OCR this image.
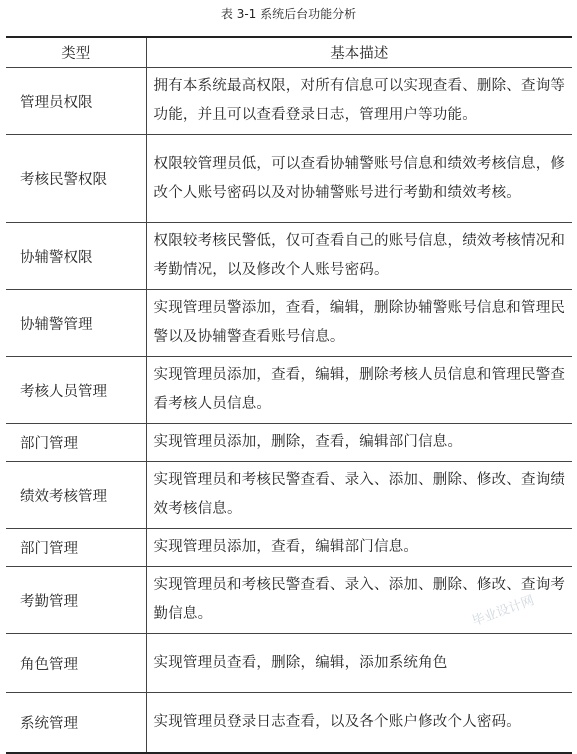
表 3-1 系统后台功能分析
类型	基本描述
管理员权限	拥有本系统最高权限，对所有信息可以实现查看、删除、查询等功能，并且可以查看登录日志，管理用户等功能。
考核民警权限	权限较管理员低，可以查看协辅警账号信息和绩效考核信息，修改个人账号密码以及对协辅警账号进行考勤和绩效考核。
协辅警权限	权限较考核民警低，仅可查看自己的账号信息，绩效考核情况和考勤情况，以及修改个人账号密码。
协辅警管理	实现管理员警添加，查看，编辑，删除协辅警账号信息和管理民警以及协辅警查看账号信息。
考核人员管理	实现管理员添加，查看，编辑，删除考核人员信息和管理民警查看考核人员信息。
部门管理	实现管理员添加，删除，查看，编辑部门信息。
绩效考核管理	实现管理员和考核民警查看、录入、添加、删除、修改、查询绩效考核信息。
部门管理	实现管理员添加，查看，编辑部门信息。
考勤管理	实现管理员和考核民警查看、录入、添加、删除、修改、查询考勤信息。
角色管理	实现管理员查看，删除，编辑，添加系统角色
系统管理	实现管理员登录日志查看，以及各个账户修改个人密码。
毕业设计网
